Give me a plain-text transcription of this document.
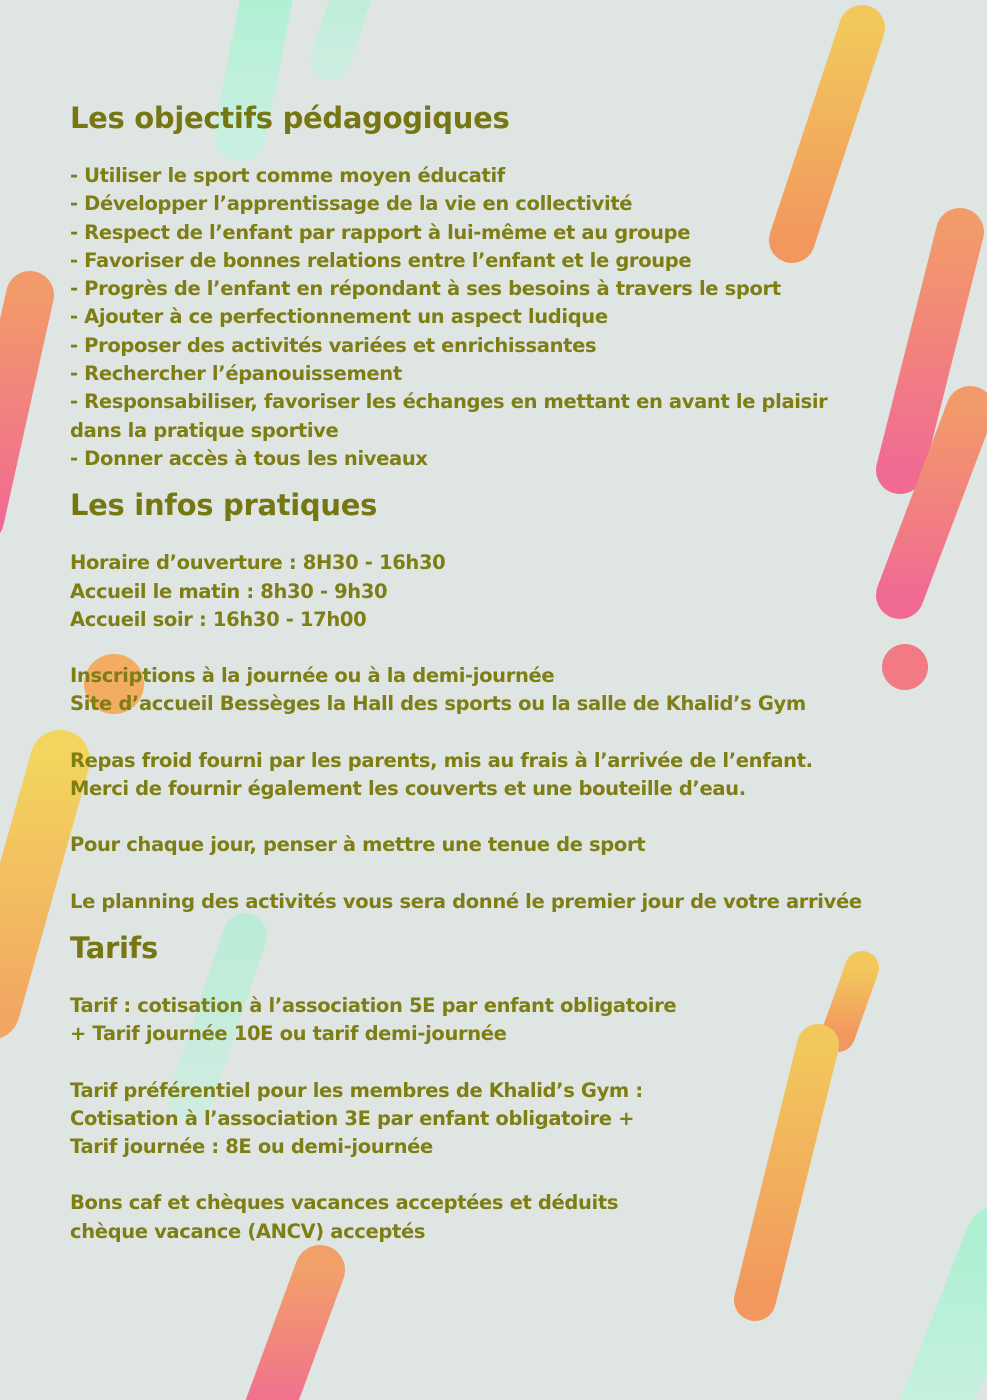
Les objectifs pédagogiques
- Utiliser le sport comme moyen éducatif
- Développer l’apprentissage de la vie en collectivité
- Respect de l’enfant par rapport à lui-même et au groupe
- Favoriser de bonnes relations entre l’enfant et le groupe
- Progrès de l’enfant en répondant à ses besoins à travers le sport
- Ajouter à ce perfectionnement un aspect ludique
- Proposer des activités variées et enrichissantes
- Rechercher l’épanouissement
- Responsabiliser, favoriser les échanges en mettant en avant le plaisir
dans la pratique sportive
- Donner accès à tous les niveaux
Les infos pratiques
Horaire d’ouverture : 8H30 - 16h30
Accueil le matin : 8h30 - 9h30
Accueil soir : 16h30 - 17h00
Inscriptions à la journée ou à la demi-journée
Site d’accueil Bessèges la Hall des sports ou la salle de Khalid’s Gym
Repas froid fourni par les parents, mis au frais à l’arrivée de l’enfant.
Merci de fournir également les couverts et une bouteille d’eau.
Pour chaque jour, penser à mettre une tenue de sport
Le planning des activités vous sera donné le premier jour de votre arrivée
Tarifs
Tarif : cotisation à l’association 5E par enfant obligatoire
+ Tarif journée 10E ou tarif demi-journée
Tarif préférentiel pour les membres de Khalid’s Gym :
Cotisation à l’association 3E par enfant obligatoire +
Tarif journée : 8E ou demi-journée
Bons caf et chèques vacances acceptées et déduits
chèque vacance (ANCV) acceptés
